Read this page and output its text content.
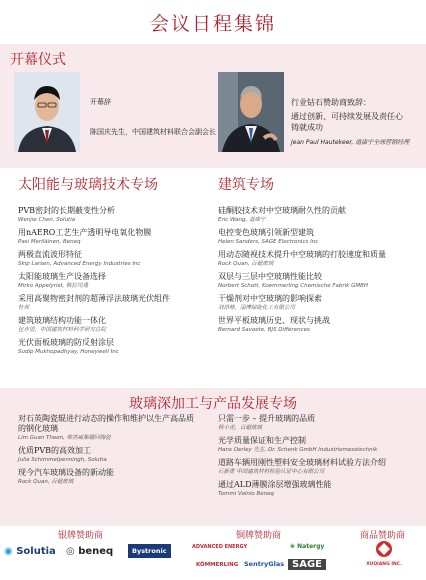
会议日程集锦
开幕仪式
开幕辞
陈国庆先生，中国建筑材料联合会副会长
行业钻石赞助商致辞：
通过创新、可持续发展及责任心
铸就成功
Jean Paul Hautekeer, 道康宁全球营销经理
太阳能与玻璃技术专场
PVB密封的长期蔽变性分析
Wenjie Chen, Solutia
用nAERO工艺生产透明导电氧化物膜
Pasi Meriläinen, Beneq
两极直流波形特征
Skip Larsen, Advanced Energy Industries Inc
太阳能玻璃生产设备选择
Mirko Appelyrist, 格拉司通
采用高聚物密封剂的超薄浮法玻璃光伏组件
杜邦
建筑玻璃结构功能一体化
包亦望，中国建筑材料科学研究总院
光伏面板玻璃的防反射涂层
Sudip Mukhopadhyay, Honeywell Inc
建筑专场
硅酮胶技术对中空玻璃耐久性的贡献
Eric Wang, 道康宁
电控变色玻璃引领新型建筑
Helen Sanders, SAGE Electronics Inc
用动态随视技术提升中空玻璃的打胶速度和质量
Rock Quan, 百超玻璃
双层与三层中空玻璃性能比较
Norbert Schott, Koemmerling Chemische Fabrik GMBH
干燥剂对中空玻璃的影响探索
刘昂峰，淄博绿能化工有限公司
世界平板玻璃历史、现状与挑战
Bernard Savoete, BJS Différences
玻璃深加工与产品发展专场
对石英陶瓷辊进行动态的操作和维护以生产高品质的钢化玻璃
Lim Guan Theen, 维苏威集硼回陶瓷
优质PVB的高效加工
Julia Schimmelpenningh, Solutia
现今汽车玻璃设备的新动能
Rock Quan, 百超玻璃
只需一步 – 提升玻璃的品质
杨小虎，百超玻璃
光学质量保证和生产控制
Hans Oerley 先生, Dr. Schenk GmbH Industriemesstechnik
道路车辆用刚性塑料安全玻璃材料试验方法介绍
石新勇 中国建筑材料检验认证中心有限公司
通过ALD薄膜涂层增强玻璃性能
Tommi Vainio Beneq
银牌赞助商	铜牌赞助商	商品赞助商
◉ Solutia ◎ beneq	Bystronic	ADVANCED ENERGY	❀ Natergy
KÖMMERLING SentryGlas SAGE	XUQIANG INC.
